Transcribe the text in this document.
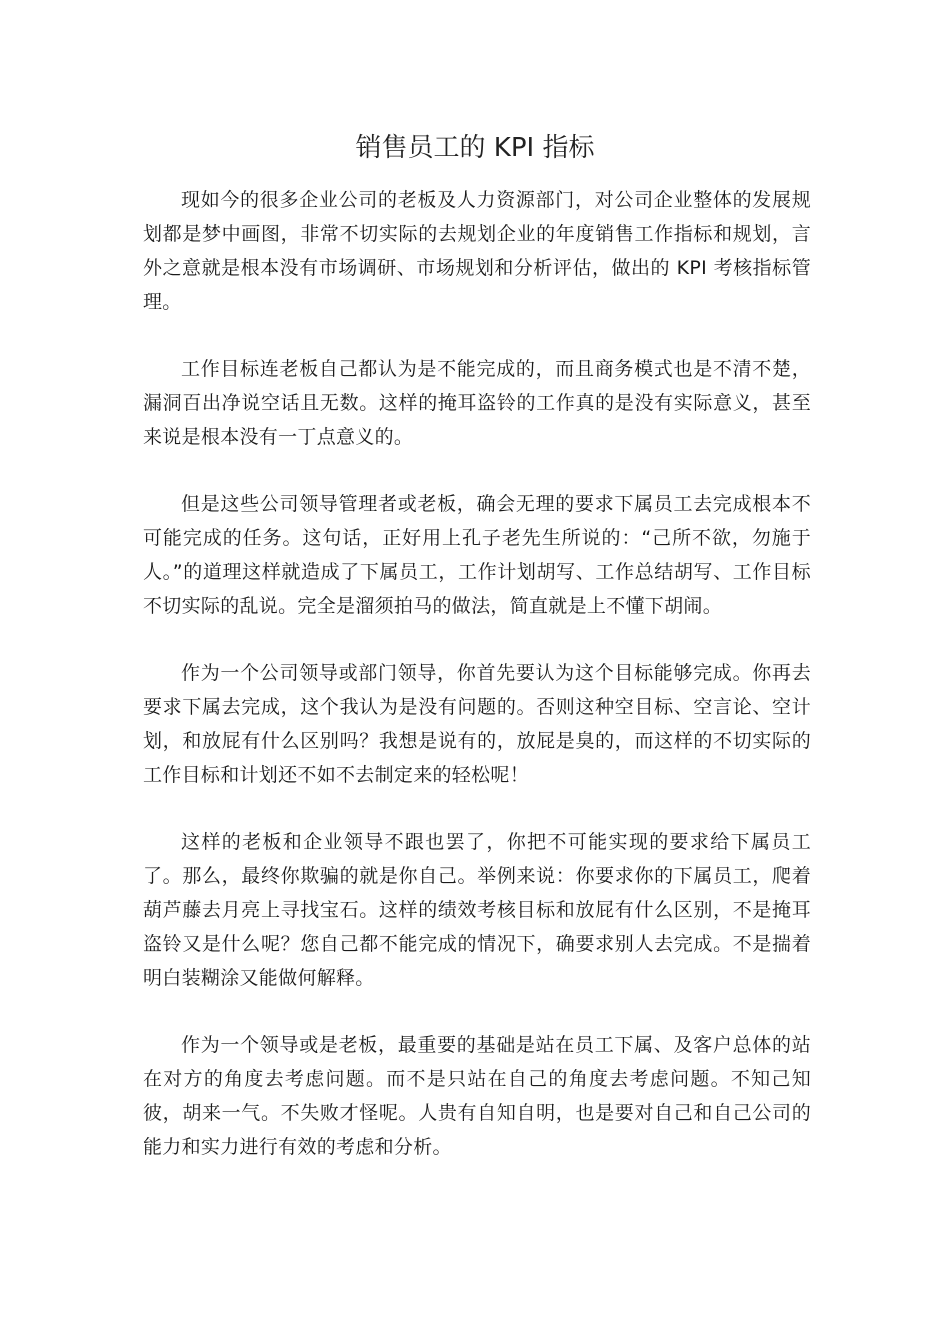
销售员工的 KPI 指标

现如今的很多企业公司的老板及人力资源部门，对公司企业整体的发展规划都是梦中画图，非常不切实际的去规划企业的年度销售工作指标和规划，言外之意就是根本没有市场调研、市场规划和分析评估，做出的 KPI 考核指标管理。

工作目标连老板自己都认为是不能完成的，而且商务模式也是不清不楚，漏洞百出净说空话且无数。这样的掩耳盗铃的工作真的是没有实际意义，甚至来说是根本没有一丁点意义的。

但是这些公司领导管理者或老板，确会无理的要求下属员工去完成根本不可能完成的任务。这句话，正好用上孔子老先生所说的：“己所不欲，勿施于人。”的道理这样就造成了下属员工，工作计划胡写、工作总结胡写、工作目标不切实际的乱说。完全是溜须拍马的做法，简直就是上不懂下胡闹。

作为一个公司领导或部门领导，你首先要认为这个目标能够完成。你再去要求下属去完成，这个我认为是没有问题的。否则这种空目标、空言论、空计划，和放屁有什么区别吗？我想是说有的，放屁是臭的，而这样的不切实际的工作目标和计划还不如不去制定来的轻松呢！

这样的老板和企业领导不跟也罢了，你把不可能实现的要求给下属员工了。那么，最终你欺骗的就是你自己。举例来说：你要求你的下属员工，爬着葫芦藤去月亮上寻找宝石。这样的绩效考核目标和放屁有什么区别，不是掩耳盗铃又是什么呢？您自己都不能完成的情况下，确要求别人去完成。不是揣着明白装糊涂又能做何解释。

作为一个领导或是老板，最重要的基础是站在员工下属、及客户总体的站在对方的角度去考虑问题。而不是只站在自己的角度去考虑问题。不知己知彼，胡来一气。不失败才怪呢。人贵有自知自明，也是要对自己和自己公司的能力和实力进行有效的考虑和分析。
